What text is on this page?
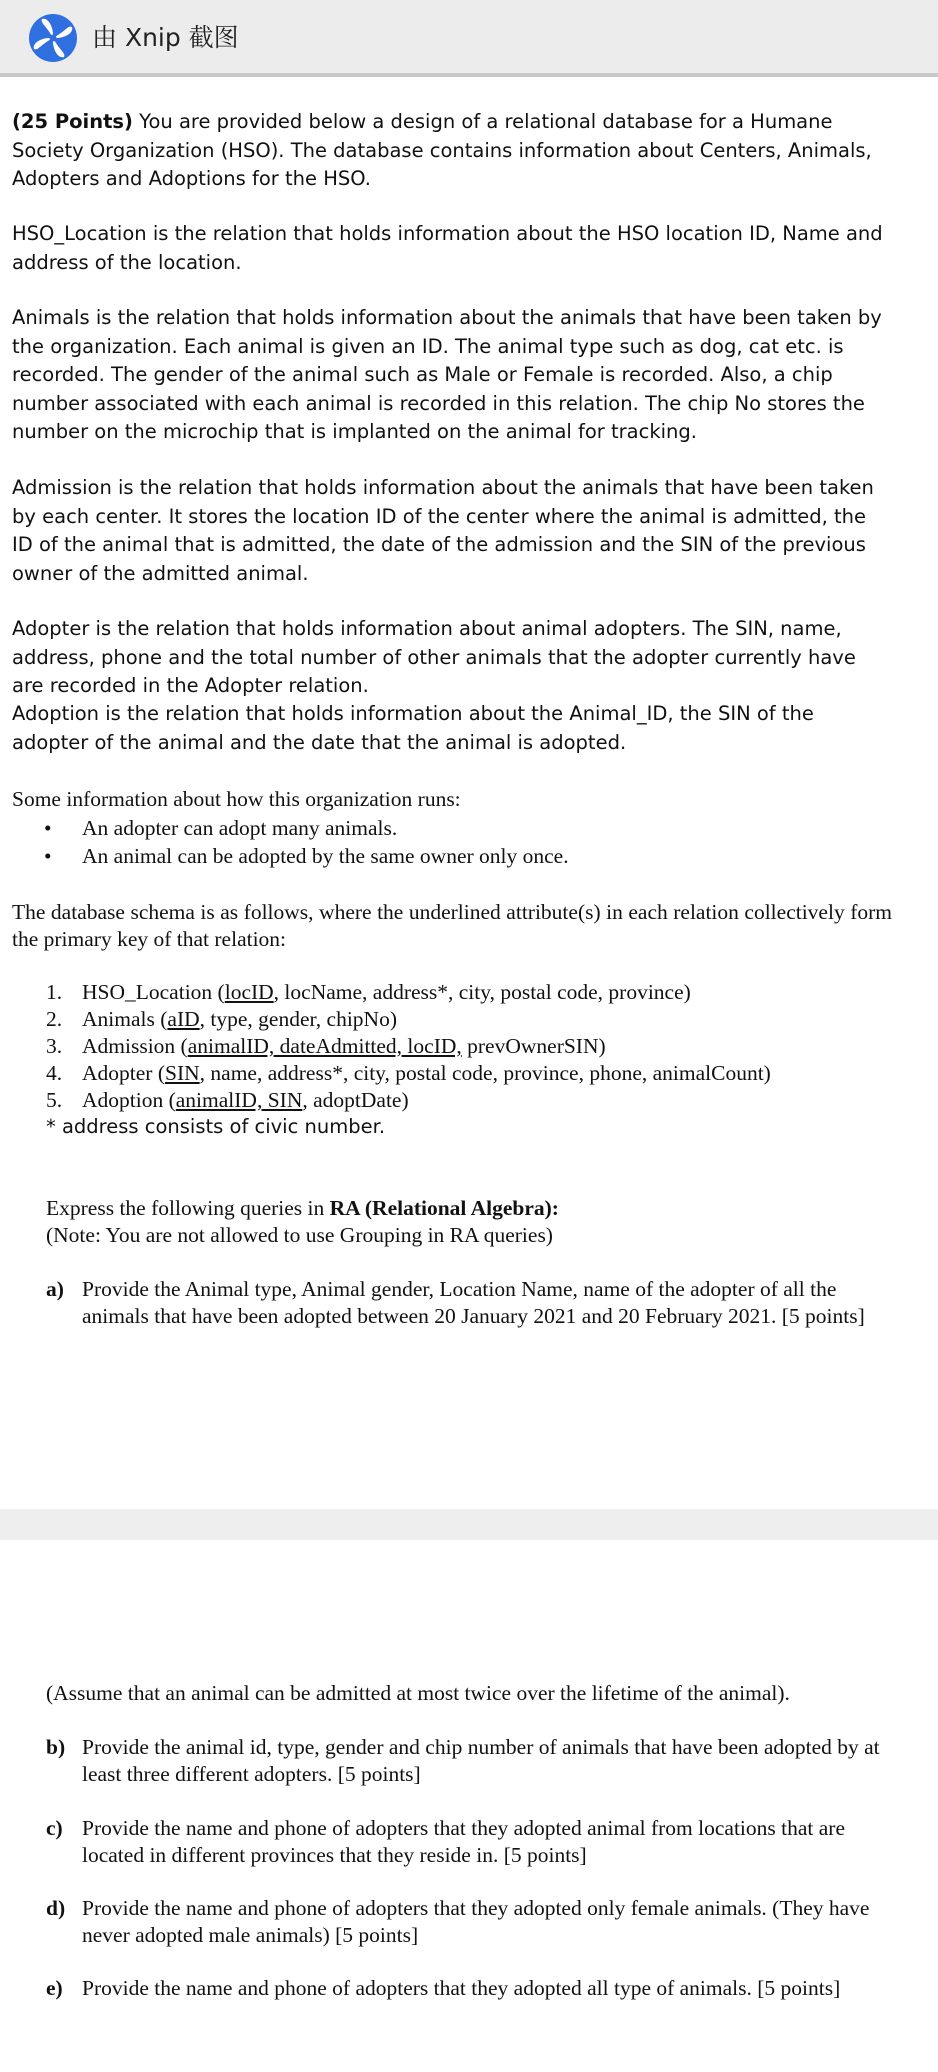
由 Xnip 截图

(25 Points) You are provided below a design of a relational database for a Humane Society Organization (HSO). The database contains information about Centers, Animals, Adopters and Adoptions for the HSO.

HSO_Location is the relation that holds information about the HSO location ID, Name and address of the location.

Animals is the relation that holds information about the animals that have been taken by the organization. Each animal is given an ID. The animal type such as dog, cat etc. is recorded. The gender of the animal such as Male or Female is recorded. Also, a chip number associated with each animal is recorded in this relation. The chip No stores the number on the microchip that is implanted on the animal for tracking.

Admission is the relation that holds information about the animals that have been taken by each center. It stores the location ID of the center where the animal is admitted, the ID of the animal that is admitted, the date of the admission and the SIN of the previous owner of the admitted animal.

Adopter is the relation that holds information about animal adopters. The SIN, name, address, phone and the total number of other animals that the adopter currently have are recorded in the Adopter relation.

Adoption is the relation that holds information about the Animal_ID, the SIN of the adopter of the animal and the date that the animal is adopted.

Some information about how this organization runs:

•	An adopter can adopt many animals.
•	An animal can be adopted by the same owner only once.

The database schema is as follows, where the underlined attribute(s) in each relation collectively form the primary key of that relation:

1. HSO_Location (locID, locName, address*, city, postal code, province)
2. Animals (aID, type, gender, chipNo)
3. Admission (animalID, dateAdmitted, locID, prevOwnerSIN)
4. Adopter (SIN, name, address*, city, postal code, province, phone, animalCount)
5. Adoption (animalID, SIN, adoptDate)
* address consists of civic number.
Express the following queries in RA (Relational Algebra):
(Note: You are not allowed to use Grouping in RA queries)
a) Provide the Animal type, Animal gender, Location Name, name of the adopter of all the animals that have been adopted between 20 January 2021 and 20 February 2021. [5 points]
(Assume that an animal can be admitted at most twice over the lifetime of the animal).
b) Provide the animal id, type, gender and chip number of animals that have been adopted by at least three different adopters. [5 points]
c) Provide the name and phone of adopters that they adopted animal from locations that are located in different provinces that they reside in. [5 points]
d) Provide the name and phone of adopters that they adopted only female animals. (They have never adopted male animals) [5 points]
e) Provide the name and phone of adopters that they adopted all type of animals. [5 points]
